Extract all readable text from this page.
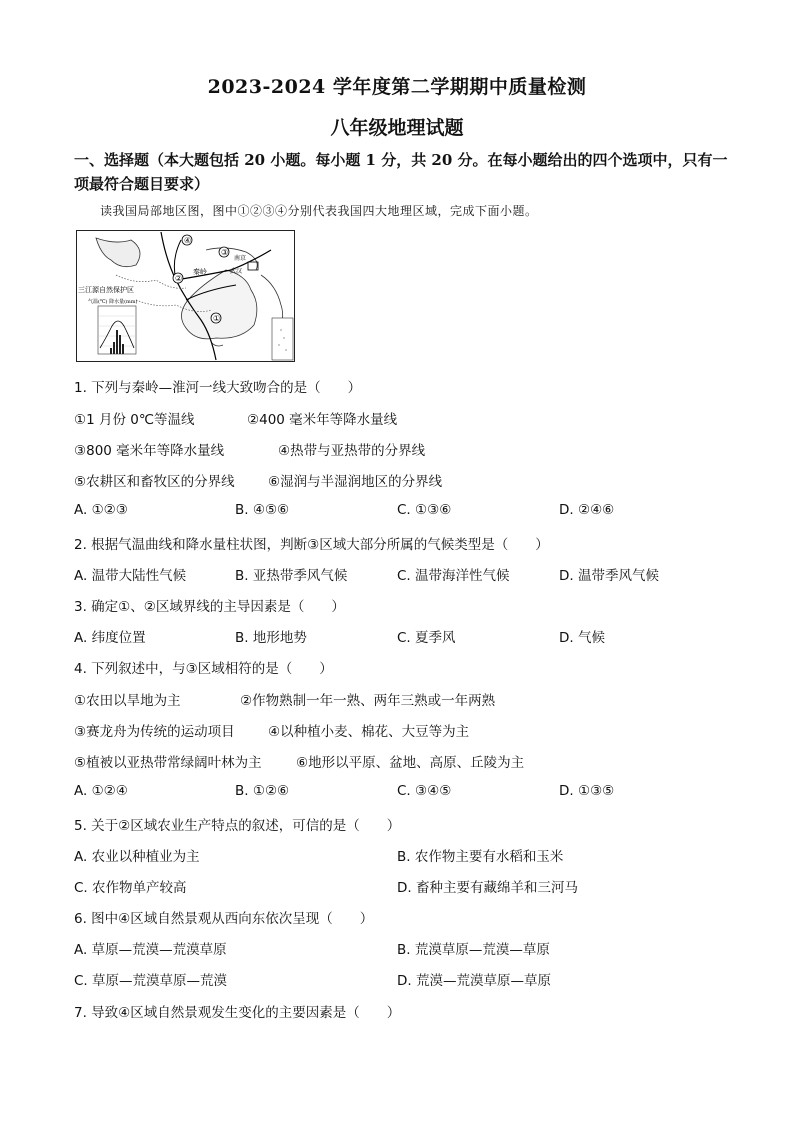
2023-2024 学年度第二学期期中质量检测
八年级地理试题
一、选择题（本大题包括 20 小题。每小题 1 分，共 20 分。在每小题给出的四个选项中，只有一项最符合题目要求）
读我国局部地区图，图中①②③④分别代表我国四大地理区域，完成下面小题。
④
③
②
①
秦岭
南京
武汉
三江源自然保护区
气温(℃) 降水量(mm)
1. 下列与秦岭—淮河一线大致吻合的是（　　）
①1 月份 0℃等温线	②400 毫米年等降水量线
③800 毫米年等降水量线	④热带与亚热带的分界线
⑤农耕区和畜牧区的分界线 ⑥湿润与半湿润地区的分界线
A. ①②③	B. ④⑤⑥	C. ①③⑥	D. ②④⑥
2. 根据气温曲线和降水量柱状图，判断③区域大部分所属的气候类型是（　　）
A. 温带大陆性气候	B. 亚热带季风气候	C. 温带海洋性气候	D. 温带季风气候
3. 确定①、②区域界线的主导因素是（　　）
A. 纬度位置	B. 地形地势	C. 夏季风	D. 气候
4. 下列叙述中，与③区域相符的是（　　）
①农田以旱地为主	②作物熟制一年一熟、两年三熟或一年两熟
③赛龙舟为传统的运动项目 ④以种植小麦、棉花、大豆等为主
⑤植被以亚热带常绿阔叶林为主	⑥地形以平原、盆地、高原、丘陵为主
A. ①②④	B. ①②⑥	C. ③④⑤	D. ①③⑤
5. 关于②区域农业生产特点的叙述，可信的是（　　）
A. 农业以种植业为主	B. 农作物主要有水稻和玉米
C. 农作物单产较高	D. 畜种主要有藏绵羊和三河马
6. 图中④区域自然景观从西向东依次呈现（　　）
A. 草原—荒漠—荒漠草原	B. 荒漠草原—荒漠—草原
C. 草原—荒漠草原—荒漠	D. 荒漠—荒漠草原—草原
7. 导致④区域自然景观发生变化的主要因素是（　　）
